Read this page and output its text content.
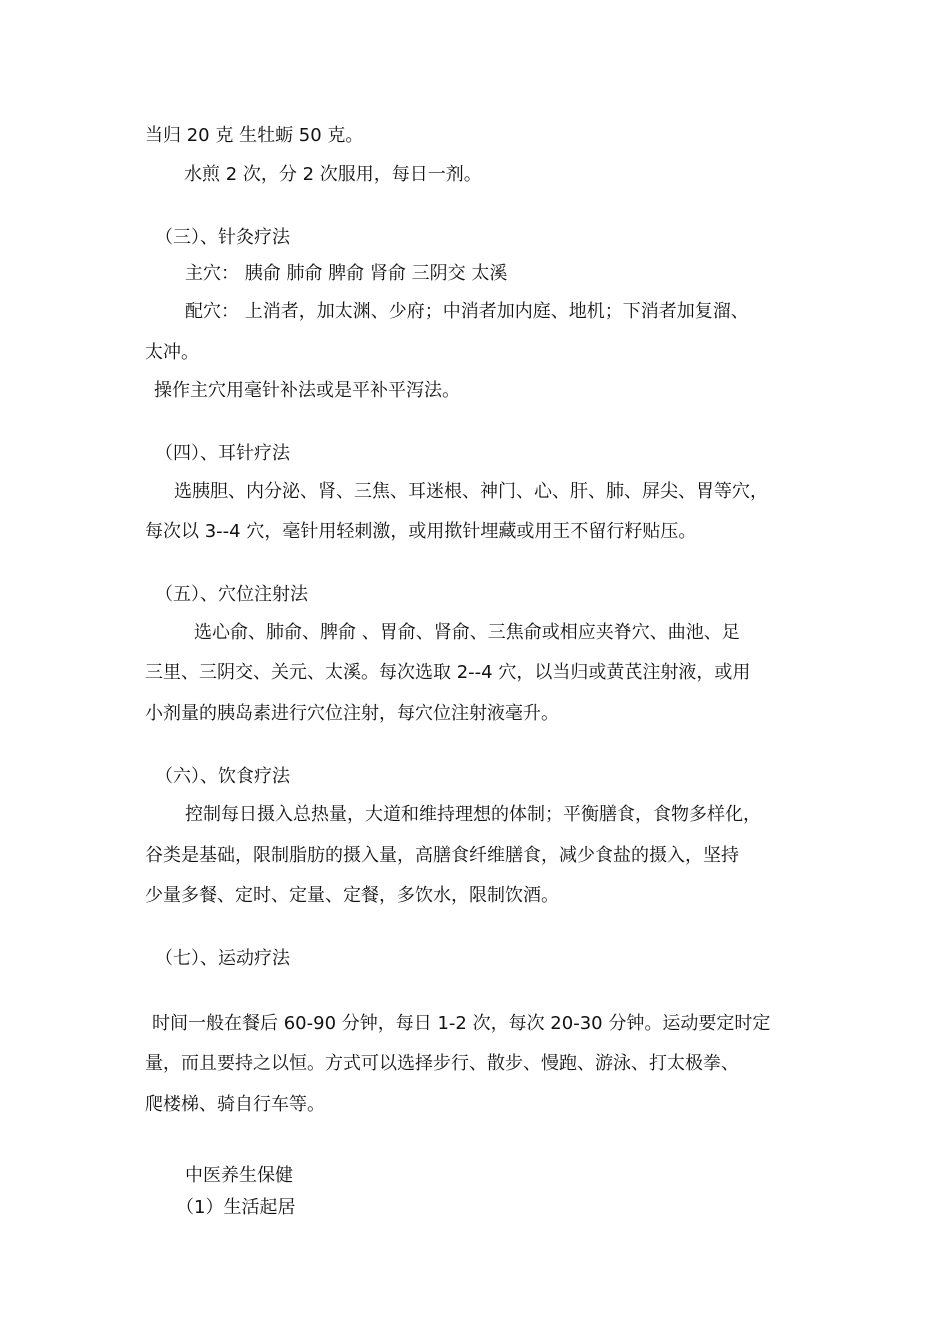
当归 20 克 生牡蛎 50 克。

水煎 2 次，分 2 次服用，每日一剂。

（三）、针灸疗法

主穴： 胰俞 肺俞 脾俞 肾俞 三阴交 太溪

配穴： 上消者，加太渊、少府；中消者加内庭、地机；下消者加复溜、

太冲。

操作主穴用毫针补法或是平补平泻法。

（四）、耳针疗法

选胰胆、内分泌、肾、三焦、耳迷根、神门、心、肝、肺、屏尖、胃等穴，

每次以 3--4 穴，毫针用轻刺激，或用揿针埋藏或用王不留行籽贴压。

（五）、穴位注射法

选心俞、肺俞、脾俞 、胃俞、肾俞、三焦俞或相应夹脊穴、曲池、足

三里、三阴交、关元、太溪。每次选取 2--4 穴，以当归或黄芪注射液，或用

小剂量的胰岛素进行穴位注射，每穴位注射液毫升。

（六）、饮食疗法

控制每日摄入总热量，大道和维持理想的体制；平衡膳食，食物多样化，

谷类是基础，限制脂肪的摄入量，高膳食纤维膳食，减少食盐的摄入，坚持

少量多餐、定时、定量、定餐，多饮水，限制饮酒。

（七）、运动疗法

时间一般在餐后 60-90 分钟，每日 1-2 次，每次 20-30 分钟。运动要定时定

量，而且要持之以恒。方式可以选择步行、散步、慢跑、游泳、打太极拳、

爬楼梯、骑自行车等。

中医养生保健

（1）生活起居
